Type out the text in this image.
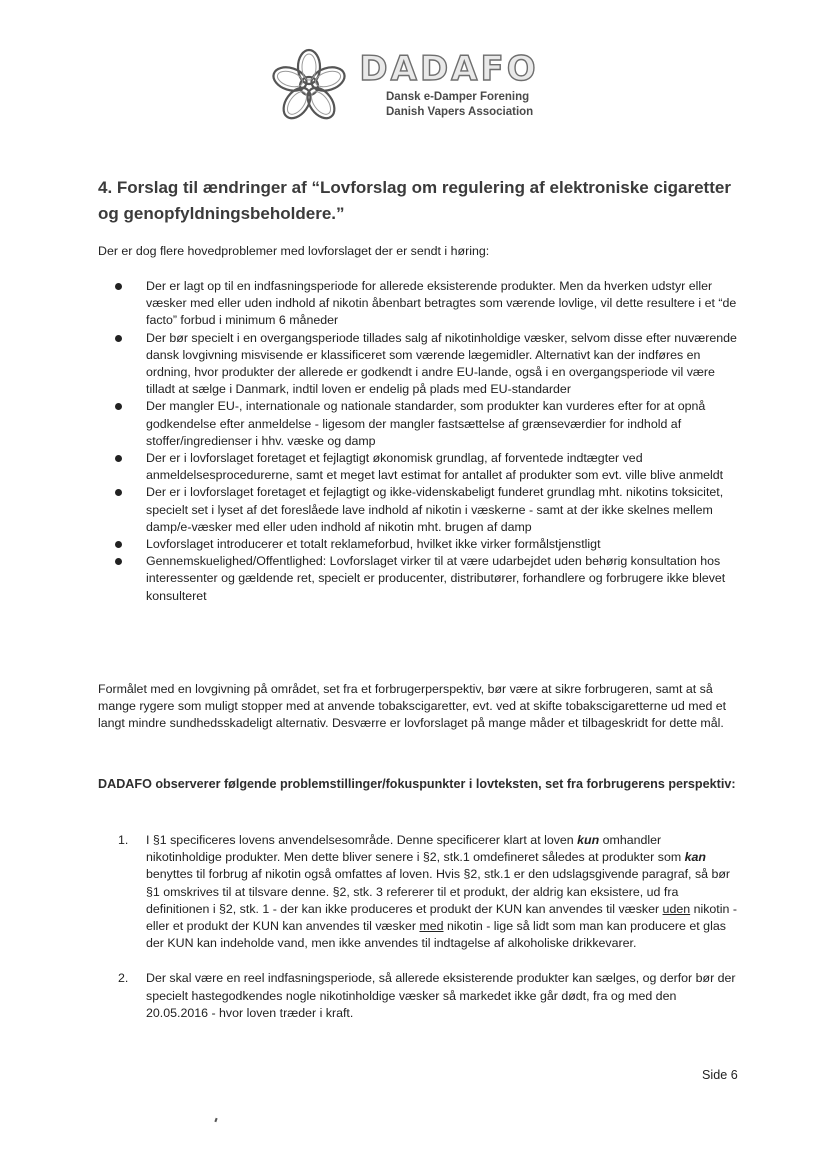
DADAFO
Dansk e-Damper Forening
Danish Vapers Association
4. Forslag til ændringer af “Lovforslag om regulering af elektroniske cigaretter og genopfyldningsbeholdere.”

Der er dog flere hovedproblemer med lovforslaget der er sendt i høring:

Der er lagt op til en indfasningsperiode for allerede eksisterende produkter. Men da hverken udstyr eller væsker med eller uden indhold af nikotin åbenbart betragtes som værende lovlige, vil dette resultere i et “de facto” forbud i minimum 6 måneder
Der bør specielt i en overgangsperiode tillades salg af nikotinholdige væsker, selvom disse efter nuværende dansk lovgivning misvisende er klassificeret som værende lægemidler. Alternativt kan der indføres en ordning, hvor produkter der allerede er godkendt i andre EU-lande, også i en overgangsperiode vil være tilladt at sælge i Danmark, indtil loven er endelig på plads med EU-standarder
Der mangler EU-, internationale og nationale standarder, som produkter kan vurderes efter for at opnå godkendelse efter anmeldelse - ligesom der mangler fastsættelse af grænseværdier for indhold af stoffer/ingredienser i hhv. væske og damp
Der er i lovforslaget foretaget et fejlagtigt økonomisk grundlag, af forventede indtægter ved anmeldelsesprocedurerne, samt et meget lavt estimat for antallet af produkter som evt. ville blive anmeldt
Der er i lovforslaget foretaget et fejlagtigt og ikke-videnskabeligt funderet grundlag mht. nikotins toksicitet, specielt set i lyset af det foreslåede lave indhold af nikotin i væskerne - samt at der ikke skelnes mellem damp/e-væsker med eller uden indhold af nikotin mht. brugen af damp
Lovforslaget introducerer et totalt reklameforbud, hvilket ikke virker formålstjenstligt
Gennemskuelighed/Offentlighed: Lovforslaget virker til at være udarbejdet uden behørig konsultation hos interessenter og gældende ret, specielt er producenter, distributører, forhandlere og forbrugere ikke blevet konsulteret

Formålet med en lovgivning på området, set fra et forbrugerperspektiv, bør være at sikre forbrugeren, samt at så mange rygere som muligt stopper med at anvende tobakscigaretter, evt. ved at skifte tobakscigaretterne ud med et langt mindre sundhedsskadeligt alternativ. Desværre er lovforslaget på mange måder et tilbageskridt for dette mål.

DADAFO observerer følgende problemstillinger/fokuspunkter i lovteksten, set fra forbrugerens perspektiv:

1. I §1 specificeres lovens anvendelsesområde. Denne specificerer klart at loven kun omhandler nikotinholdige produkter. Men dette bliver senere i §2, stk.1 omdefineret således at produkter som kan benyttes til forbrug af nikotin også omfattes af loven. Hvis §2, stk.1 er den udslagsgivende paragraf, så bør §1 omskrives til at tilsvare denne. §2, stk. 3 refererer til et produkt, der aldrig kan eksistere, ud fra definitionen i §2, stk. 1 - der kan ikke produceres et produkt der KUN kan anvendes til væsker uden nikotin - eller et produkt der KUN kan anvendes til væsker med nikotin - lige så lidt som man kan producere et glas der KUN kan indeholde vand, men ikke anvendes til indtagelse af alkoholiske drikkevarer.
2. Der skal være en reel indfasningsperiode, så allerede eksisterende produkter kan sælges, og derfor bør der specielt hastegodkendes nogle nikotinholdige væsker så markedet ikke går dødt, fra og med den 20.05.2016 - hvor loven træder i kraft.
Side 6
